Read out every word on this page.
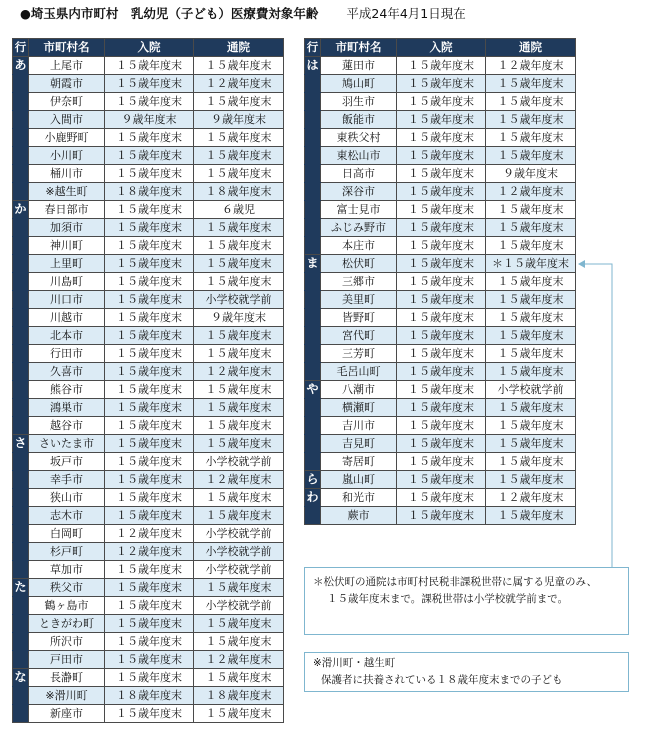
●埼玉県内市町村　乳幼児（子ども）医療費対象年齢 平成24年4月1日現在
行	市町村名	入院	通院
あ	上尾市	１５歳年度末	１５歳年度末
	朝霞市	１５歳年度末	１２歳年度末
	伊奈町	１５歳年度末	１５歳年度末
	入間市	９歳年度末	９歳年度末
	小鹿野町	１５歳年度末	１５歳年度末
	小川町	１５歳年度末	１５歳年度末
	桶川市	１５歳年度末	１５歳年度末
	※越生町	１８歳年度末	１８歳年度末
か	春日部市	１５歳年度末	６歳児
	加須市	１５歳年度末	１５歳年度末
	神川町	１５歳年度末	１５歳年度末
	上里町	１５歳年度末	１５歳年度末
	川島町	１５歳年度末	１５歳年度末
	川口市	１５歳年度末	小学校就学前
	川越市	１５歳年度末	９歳年度末
	北本市	１５歳年度末	１５歳年度末
	行田市	１５歳年度末	１５歳年度末
	久喜市	１５歳年度末	１２歳年度末
	熊谷市	１５歳年度末	１５歳年度末
	鴻巣市	１５歳年度末	１５歳年度末
	越谷市	１５歳年度末	１５歳年度末
さ	さいたま市	１５歳年度末	１５歳年度末
	坂戸市	１５歳年度末	小学校就学前
	幸手市	１５歳年度末	１２歳年度末
	狭山市	１５歳年度末	１５歳年度末
	志木市	１５歳年度末	１５歳年度末
	白岡町	１２歳年度末	小学校就学前
	杉戸町	１２歳年度末	小学校就学前
	草加市	１５歳年度末	小学校就学前
た	秩父市	１５歳年度末	１５歳年度末
	鶴ヶ島市	１５歳年度末	小学校就学前
	ときがわ町	１５歳年度末	１５歳年度末
	所沢市	１５歳年度末	１５歳年度末
	戸田市	１５歳年度末	１２歳年度末
な	長瀞町	１５歳年度末	１５歳年度末
	※滑川町	１８歳年度末	１８歳年度末
	新座市	１５歳年度末	１５歳年度末
行	市町村名	入院	通院
は	蓮田市	１５歳年度末	１２歳年度末
	鳩山町	１５歳年度末	１５歳年度末
	羽生市	１５歳年度末	１５歳年度末
	飯能市	１５歳年度末	１５歳年度末
	東秩父村	１５歳年度末	１５歳年度末
	東松山市	１５歳年度末	１５歳年度末
	日高市	１５歳年度末	９歳年度末
	深谷市	１５歳年度末	１２歳年度末
	富士見市	１５歳年度末	１５歳年度末
	ふじみ野市	１５歳年度末	１５歳年度末
	本庄市	１５歳年度末	１５歳年度末
ま	松伏町	１５歳年度末	＊１５歳年度末
	三郷市	１５歳年度末	１５歳年度末
	美里町	１５歳年度末	１５歳年度末
	皆野町	１５歳年度末	１５歳年度末
	宮代町	１５歳年度末	１５歳年度末
	三芳町	１５歳年度末	１５歳年度末
	毛呂山町	１５歳年度末	１５歳年度末
や	八潮市	１５歳年度末	小学校就学前
	横瀬町	１５歳年度末	１５歳年度末
	吉川市	１５歳年度末	１５歳年度末
	吉見町	１５歳年度末	１５歳年度末
	寄居町	１５歳年度末	１５歳年度末
ら	嵐山町	１５歳年度末	１５歳年度末
わ	和光市	１５歳年度末	１２歳年度末
	蕨市	１５歳年度末	１５歳年度末
＊松伏町の通院は市町村民税非課税世帯に属する児童のみ、
１５歳年度末まで。課税世帯は小学校就学前まで。
※滑川町・越生町
保護者に扶養されている１８歳年度末までの子ども
